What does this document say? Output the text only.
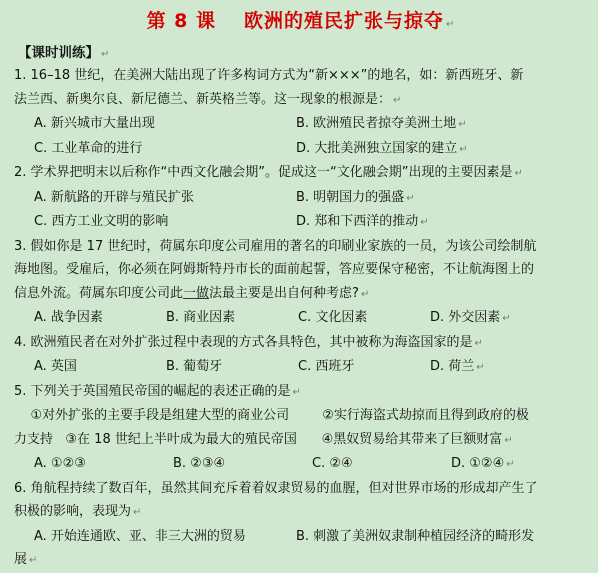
第 8 课 欧洲的殖民扩张与掠夺 ↵
【课时训练】 ↵
1. 16–18 世纪，在美洲大陆出现了许多构词方式为“新×××”的地名，如：新西班牙、新
法兰西、新奥尔良、新尼德兰、新英格兰等。这一现象的根源是： ↵
A. 新兴城市大量出现	B. 欧洲殖民者掠夺美洲土地 ↵
C. 工业革命的进行	D. 大批美洲独立国家的建立 ↵
2. 学术界把明末以后称作“中西文化融会期”。促成这一“文化融会期”出现的主要因素是 ↵
A. 新航路的开辟与殖民扩张	B. 明朝国力的强盛 ↵
C. 西方工业文明的影响	D. 郑和下西洋的推动 ↵
3. 假如你是 17 世纪时，荷属东印度公司雇用的著名的印刷业家族的一员，为该公司绘制航
海地图。受雇后，你必须在阿姆斯特丹市长的面前起誓，答应要保守秘密，不让航海图上的
信息外流。荷属东印度公司此一做法最主要是出自何种考虑? ↵
A. 战争因素	B. 商业因素	C. 文化因素	D. 外交因素 ↵
4. 欧洲殖民者在对外扩张过程中表现的方式各具特色，其中被称为海盗国家的是 ↵
A. 英国	B. 葡萄牙	C. 西班牙	D. 荷兰 ↵
5. 下列关于英国殖民帝国的崛起的表述正确的是 ↵
①对外扩张的主要手段是组建大型的商业公司        ②实行海盗式劫掠而且得到政府的极
力支持   ③在 18 世纪上半叶成为最大的殖民帝国      ④黑奴贸易给其带来了巨额财富 ↵
A. ①②③	B. ②③④	C. ②④	D. ①②④ ↵
6. 角航程持续了数百年，虽然其间充斥着着奴隶贸易的血腥，但对世界市场的形成却产生了
积极的影响，表现为 ↵
A. 开始连通欧、亚、非三大洲的贸易	B. 刺激了美洲奴隶制种植园经济的畸形发
展 ↵
